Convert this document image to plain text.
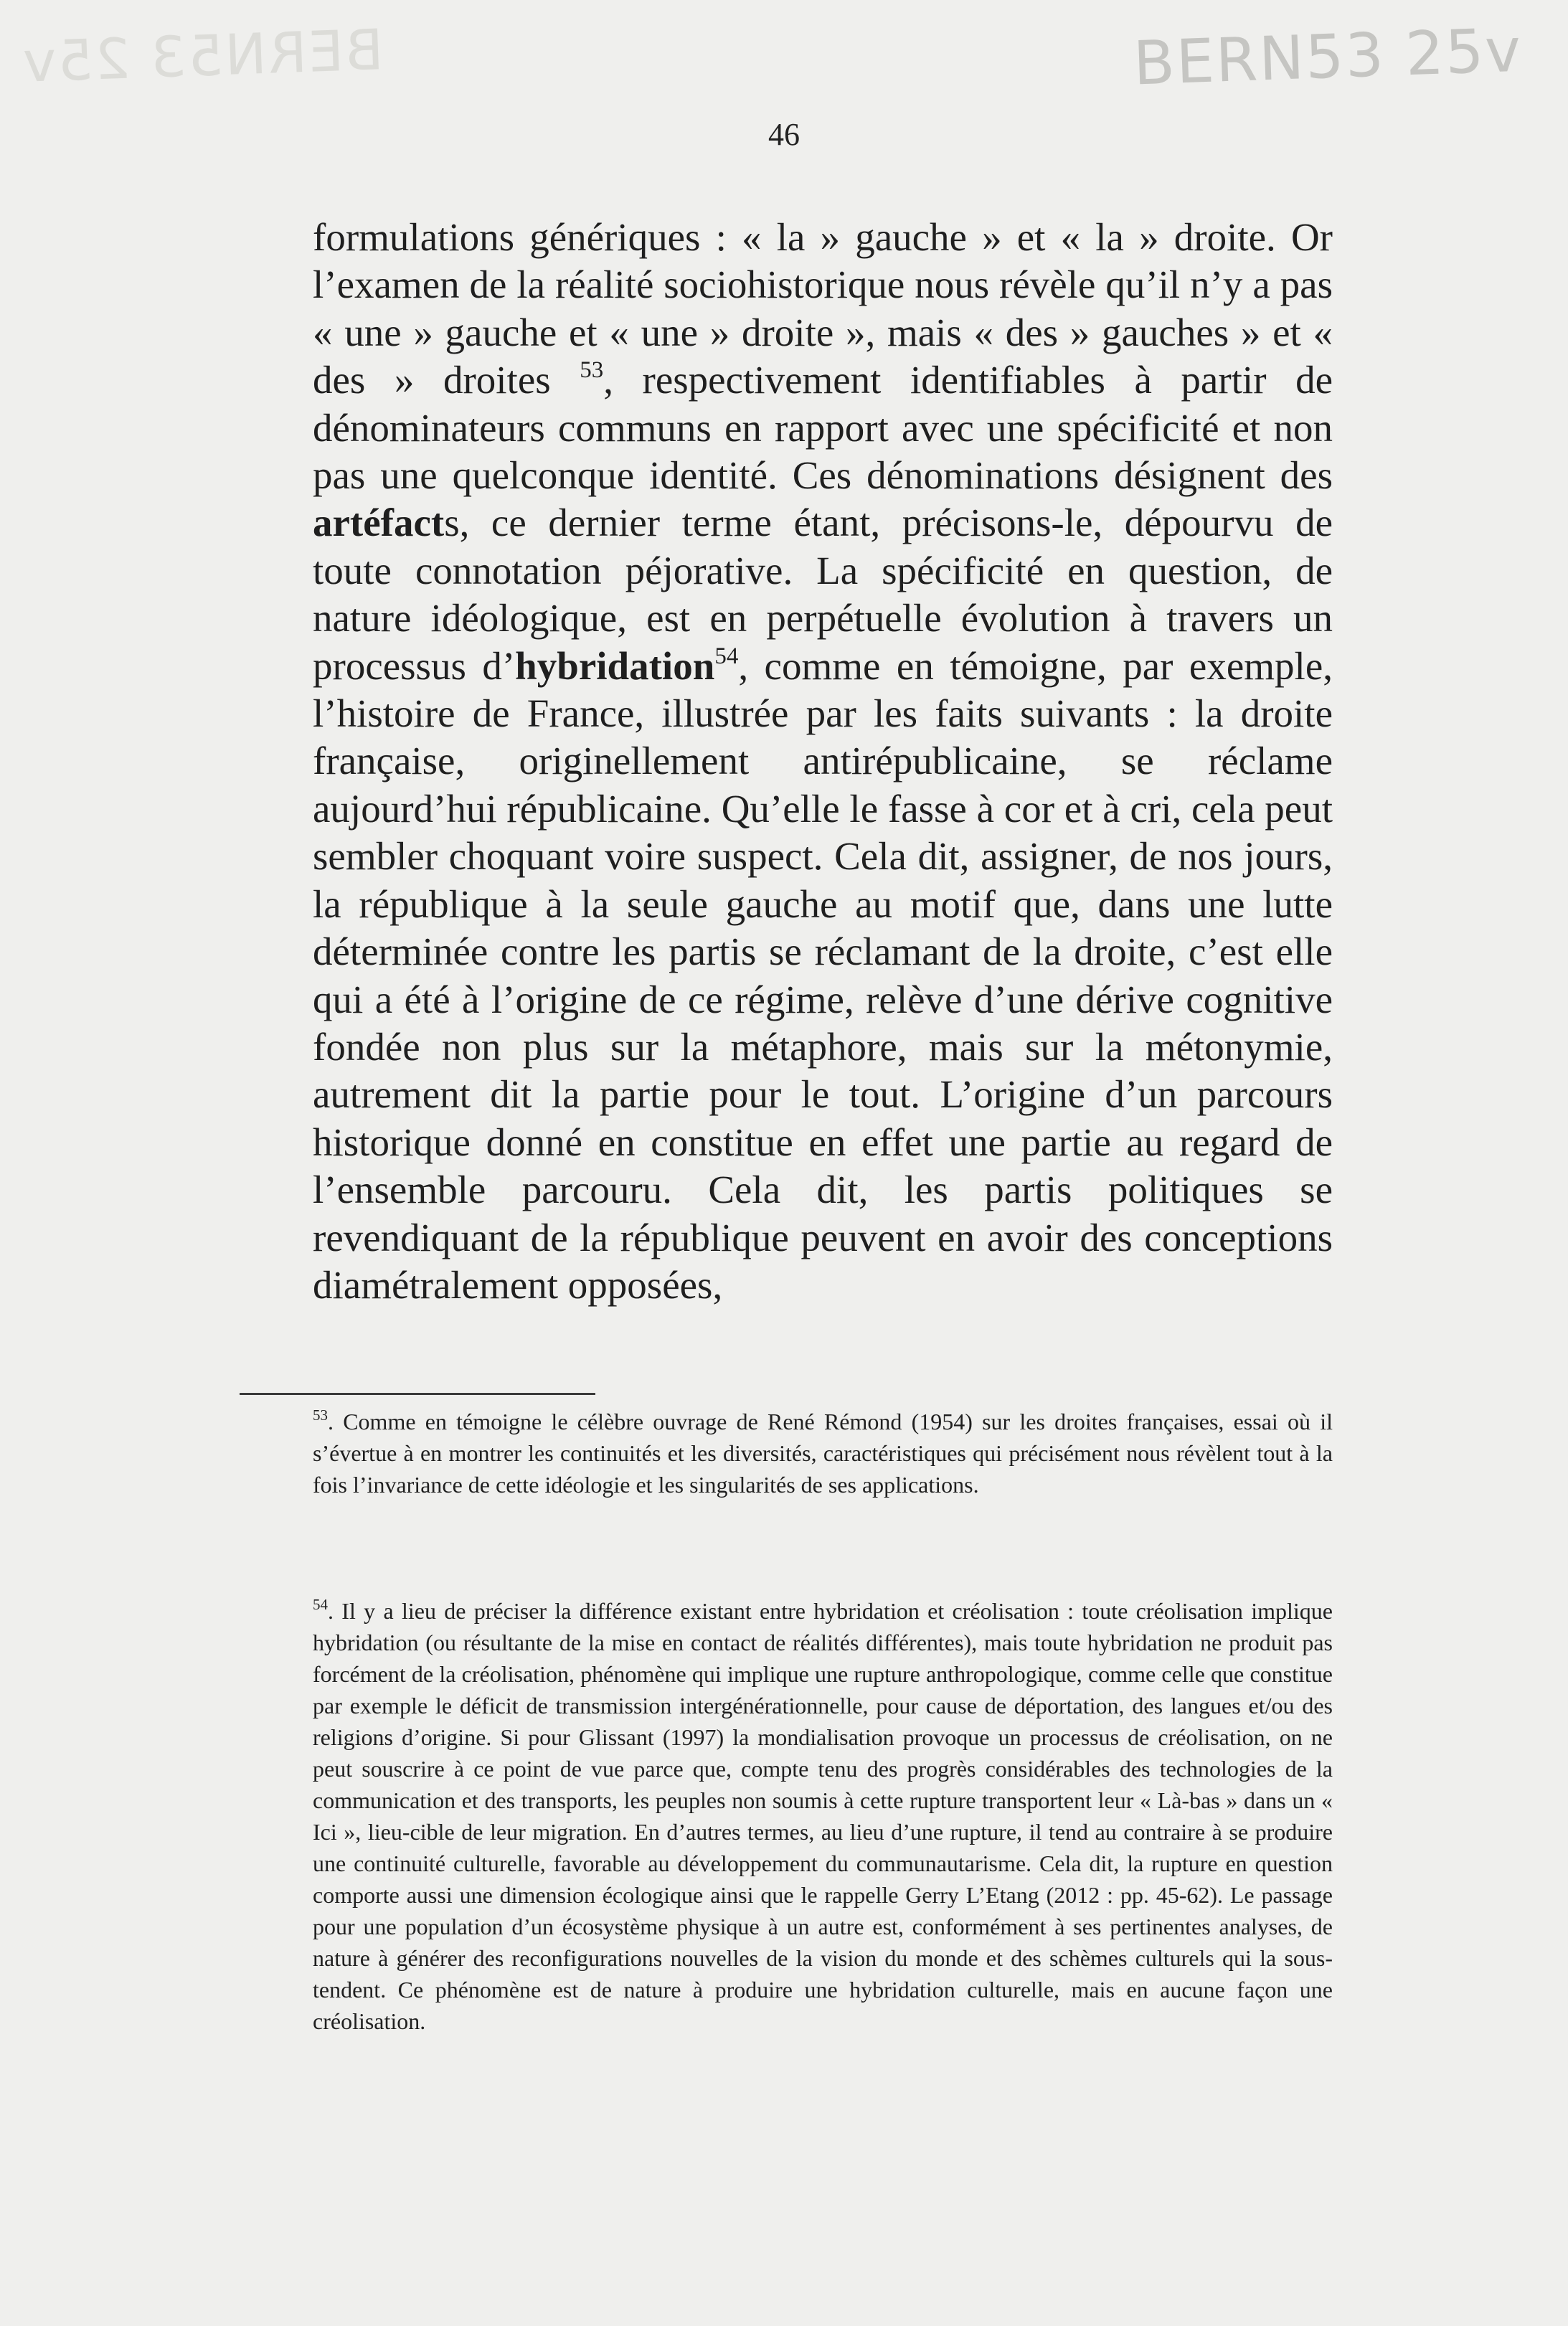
BERN53 25v	BERN53 25v
46

formulations génériques : « la » gauche » et « la » droite. Or l’examen de la réalité sociohistorique nous révèle qu’il n’y a pas « une » gauche et « une » droite », mais « des » gauches » et « des » droites $^{53}$, respectivement identifiables à partir de dénominateurs communs en rapport avec une spécificité et non pas une quelconque identité. Ces dénominations désignent des artéfacts, ce dernier terme étant, précisons-le, dépourvu de toute connotation péjorative. La spécificité en question, de nature idéologique, est en perpétuelle évolution à travers un processus d’hybridation$^{54}$, comme en témoigne, par exemple, l’histoire de France, illustrée par les faits suivants : la droite française, originellement antirépublicaine, se réclame aujourd’hui républicaine. Qu’elle le fasse à cor et à cri, cela peut sembler choquant voire suspect. Cela dit, assigner, de nos jours, la république à la seule gauche au motif que, dans une lutte déterminée contre les partis se réclamant de la droite, c’est elle qui a été à l’origine de ce régime, relève d’une dérive cognitive fondée non plus sur la métaphore, mais sur la métonymie, autrement dit la partie pour le tout. L’origine d’un parcours historique donné en constitue en effet une partie au regard de l’ensemble parcouru. Cela dit, les partis politiques se revendiquant de la république peuvent en avoir des conceptions diamétralement opposées,

$^{53}$. Comme en témoigne le célèbre ouvrage de René Rémond (1954) sur les droites françaises, essai où il s’évertue à en montrer les continuités et les diversités, caractéristiques qui précisément nous révèlent tout à la fois l’invariance de cette idéologie et les singularités de ses applications.

$^{54}$. Il y a lieu de préciser la différence existant entre hybridation et créolisation : toute créolisation implique hybridation (ou résultante de la mise en contact de réalités différentes), mais toute hybridation ne produit pas forcément de la créolisation, phénomène qui implique une rupture anthropologique, comme celle que constitue par exemple le déficit de transmission intergénérationnelle, pour cause de déportation, des langues et/ou des religions d’origine. Si pour Glissant (1997) la mondialisation provoque un processus de créolisation, on ne peut souscrire à ce point de vue parce que, compte tenu des progrès considérables des technologies de la communication et des transports, les peuples non soumis à cette rupture transportent leur « Là-bas » dans un « Ici », lieu-cible de leur migration. En d’autres termes, au lieu d’une rupture, il tend au contraire à se produire une continuité culturelle, favorable au développement du communautarisme. Cela dit, la rupture en question comporte aussi une dimension écologique ainsi que le rappelle Gerry L’Etang (2012 : pp. 45-62). Le passage pour une population d’un écosystème physique à un autre est, conformément à ses pertinentes analyses, de nature à générer des reconfigurations nouvelles de la vision du monde et des schèmes culturels qui la sous-tendent. Ce phénomène est de nature à produire une hybridation culturelle, mais en aucune façon une créolisation.
